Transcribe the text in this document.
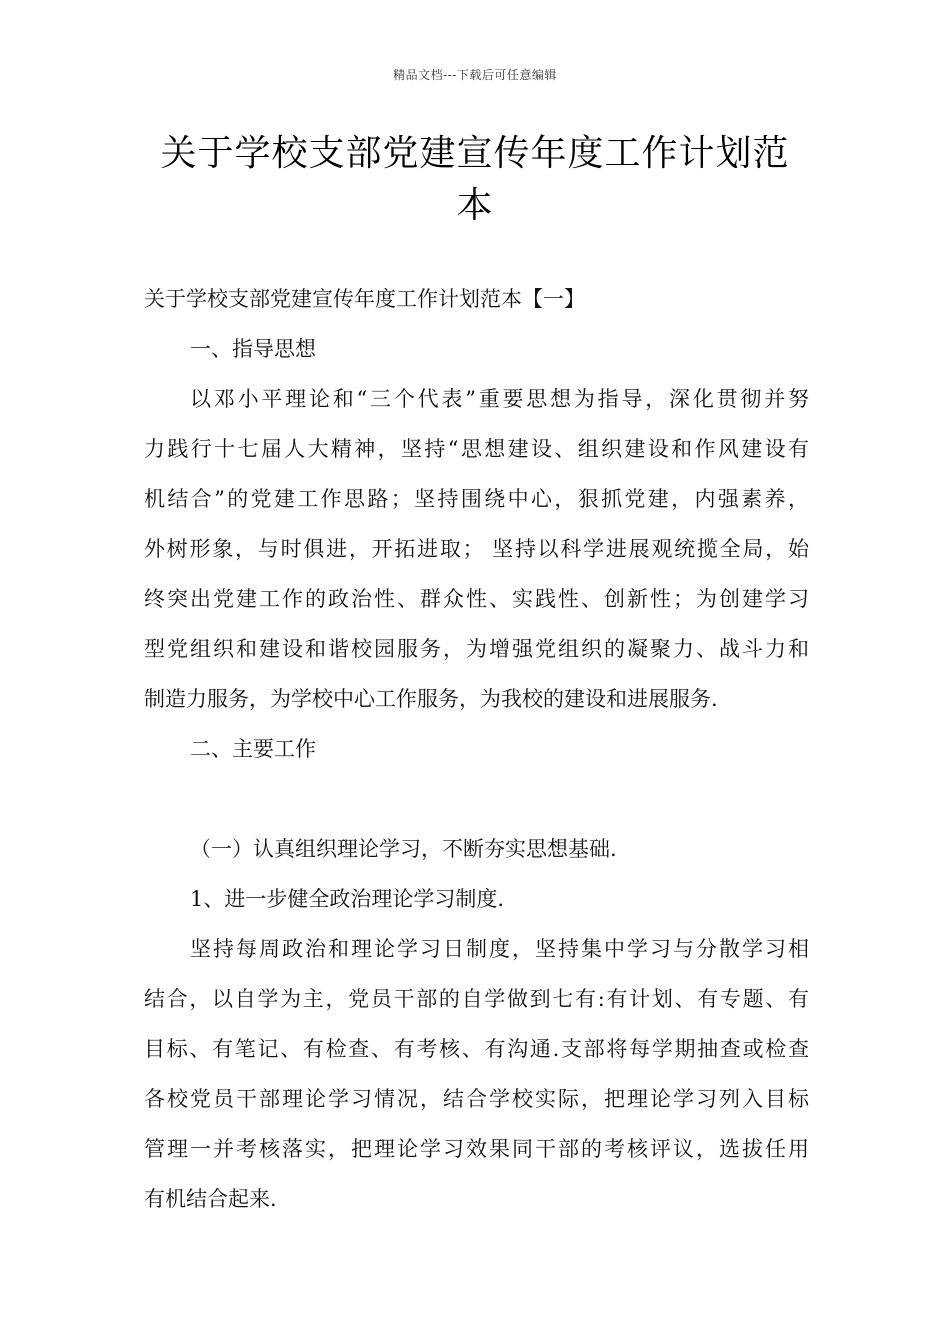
精品文档---下载后可任意编辑
关于学校支部党建宣传年度工作计划范
本
关于学校支部党建宣传年度工作计划范本【一】
一、指导思想
以邓小平理论和“三个代表”重要思想为指导，深化贯彻并努
力践行十七届人大精神，坚持“思想建设、组织建设和作风建设有
机结合”的党建工作思路；坚持围绕中心，狠抓党建，内强素养，
外树形象，与时俱进，开拓进取； 坚持以科学进展观统揽全局，始
终突出党建工作的政治性、群众性、实践性、创新性；为创建学习
型党组织和建设和谐校园服务，为增强党组织的凝聚力、战斗力和
制造力服务，为学校中心工作服务，为我校的建设和进展服务.
二、主要工作
（一）认真组织理论学习，不断夯实思想基础.
1、进一步健全政治理论学习制度.
坚持每周政治和理论学习日制度，坚持集中学习与分散学习相
结合，以自学为主，党员干部的自学做到七有:有计划、有专题、有
目标、有笔记、有检查、有考核、有沟通.支部将每学期抽查或检查
各校党员干部理论学习情况，结合学校实际，把理论学习列入目标
管理一并考核落实，把理论学习效果同干部的考核评议，选拔任用
有机结合起来.
